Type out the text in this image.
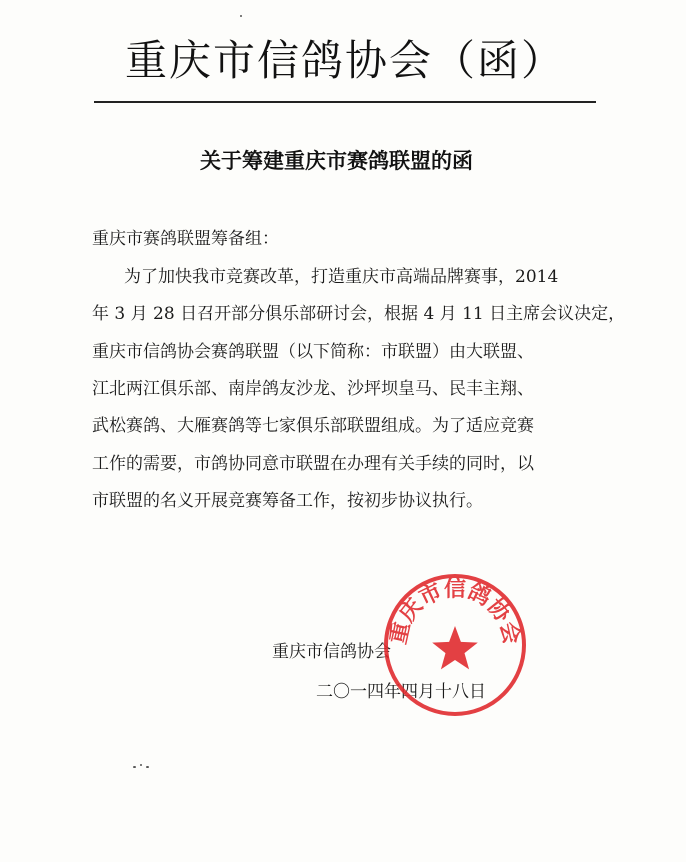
重庆市信鸽协会（函）
关于筹建重庆市赛鸽联盟的函
重庆市赛鸽联盟筹备组：
为了加快我市竞赛改革，打造重庆市高端品牌赛事，2014
年 3 月 28 日召开部分俱乐部研讨会，根据 4 月 11 日主席会议决定，
重庆市信鸽协会赛鸽联盟（以下简称：市联盟）由大联盟、
江北两江俱乐部、南岸鸽友沙龙、沙坪坝皇马、民丰主翔、
武松赛鸽、大雁赛鸽等七家俱乐部联盟组成。为了适应竞赛
工作的需要，市鸽协同意市联盟在办理有关手续的同时，以
市联盟的名义开展竞赛筹备工作，按初步协议执行。
重庆市信鸽协会
二〇一四年四月十八日
重庆市信鸽协会
